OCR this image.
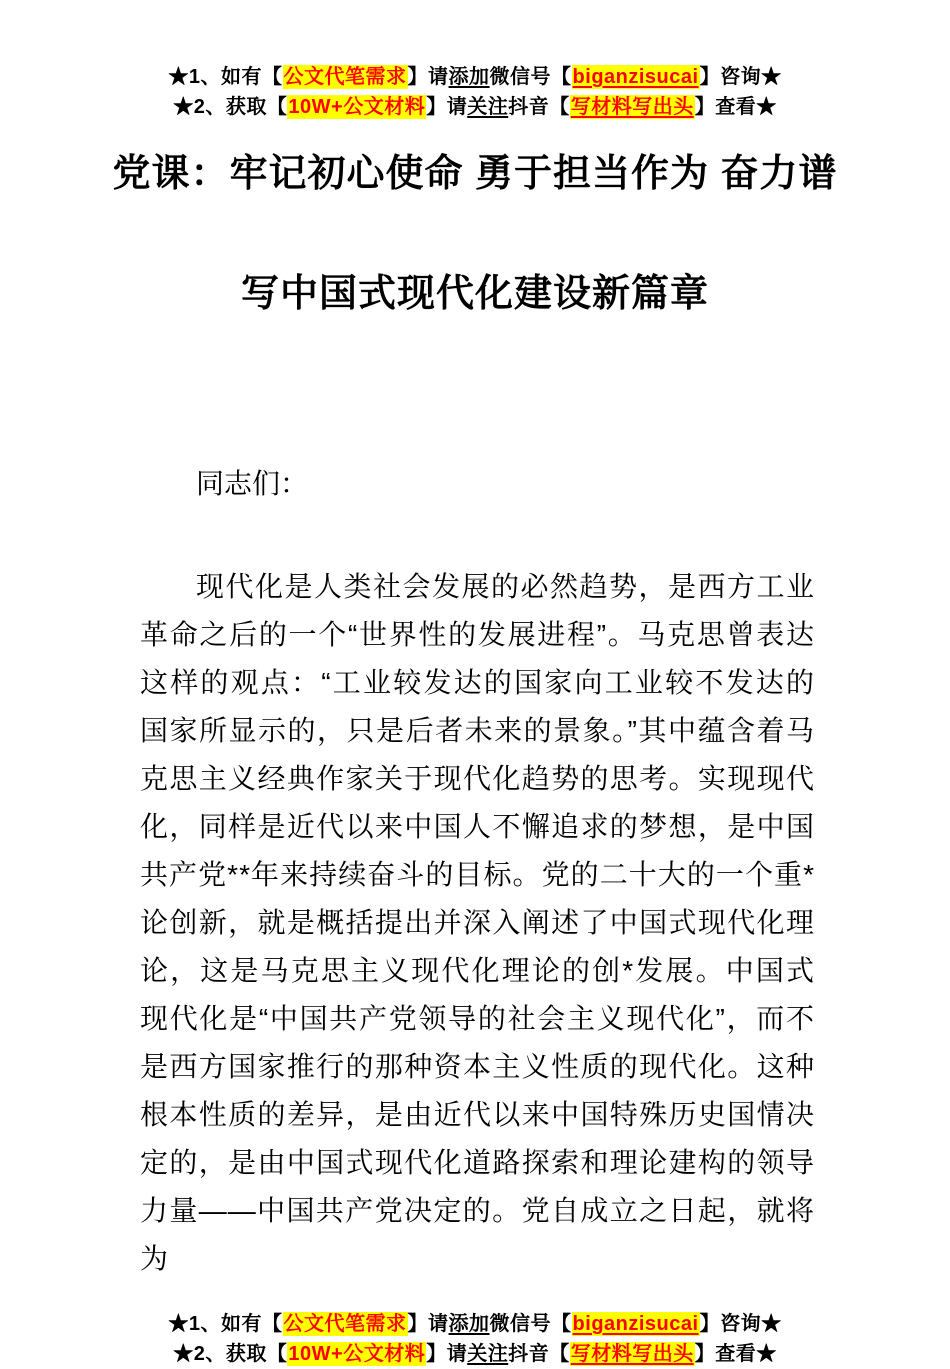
★1、如有【公文代笔需求】请添加微信号【biganzisucai】咨询★
★2、获取【10W+公文材料】请关注抖音【写材料写出头】查看★
党课：牢记初心使命 勇于担当作为 奋力谱
写中国式现代化建设新篇章

同志们：

现代化是人类社会发展的必然趋势，是西方工业革命之后的一个“世界性的发展进程”。马克思曾表达这样的观点：“工业较发达的国家向工业较不发达的国家所显示的，只是后者未来的景象。”其中蕴含着马克思主义经典作家关于现代化趋势的思考。实现现代化，同样是近代以来中国人不懈追求的梦想，是中国共产党**年来持续奋斗的目标。党的二十大的一个重*论创新，就是概括提出并深入阐述了中国式现代化理论，这是马克思主义现代化理论的创*发展。中国式现代化是“中国共产党领导的社会主义现代化”，而不是西方国家推行的那种资本主义性质的现代化。这种根本性质的差异，是由近代以来中国特殊历史国情决定的，是由中国式现代化道路探索和理论建构的领导力量——中国共产党决定的。党自成立之日起，就将为

★1、如有【公文代笔需求】请添加微信号【biganzisucai】咨询★
★2、获取【10W+公文材料】请关注抖音【写材料写出头】查看★
